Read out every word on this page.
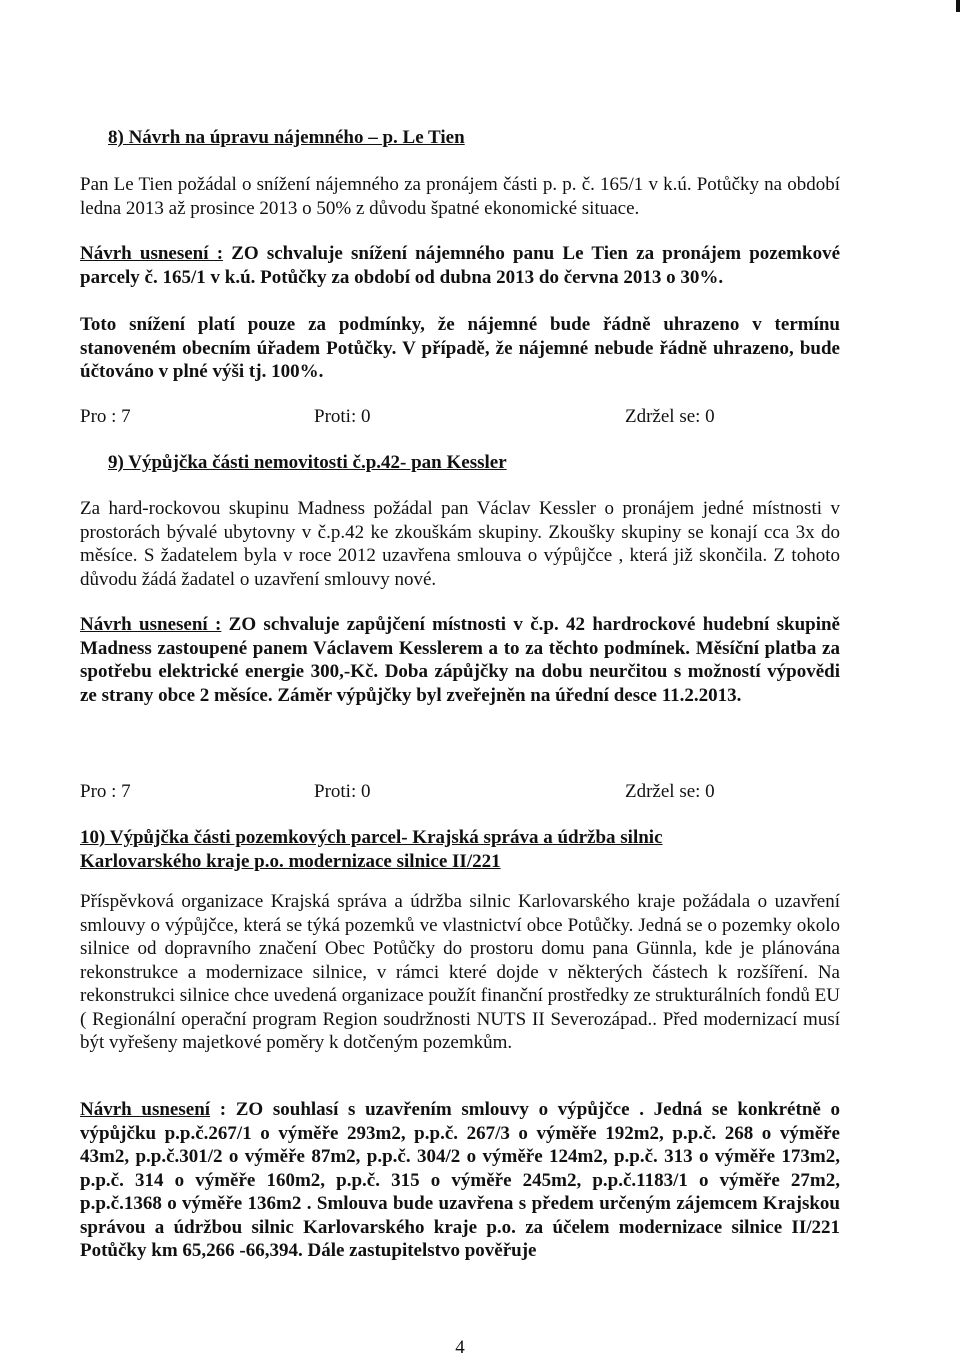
8) Návrh na úpravu nájemného – p. Le Tien
Pan Le Tien požádal o snížení nájemného za pronájem části p. p. č. 165/1 v k.ú. Potůčky na období ledna 2013 až prosince 2013 o 50% z důvodu špatné ekonomické situace.
Návrh usnesení : ZO schvaluje snížení nájemného panu Le Tien za pronájem pozemkové parcely č. 165/1 v k.ú. Potůčky za období od dubna 2013 do června 2013 o 30%.
Toto snížení platí pouze za podmínky, že nájemné bude řádně uhrazeno v termínu stanoveném obecním úřadem Potůčky. V případě, že nájemné nebude řádně uhrazeno, bude účtováno v plné výši tj. 100%.
Pro : 7	Proti: 0	Zdržel se: 0
9) Výpůjčka části nemovitosti č.p.42- pan Kessler
Za hard-rockovou skupinu Madness požádal pan Václav Kessler o pronájem jedné místnosti v prostorách bývalé ubytovny v č.p.42 ke zkouškám skupiny. Zkoušky skupiny se konají cca 3x do měsíce. S žadatelem byla v roce 2012 uzavřena smlouva o výpůjčce , která již skončila. Z tohoto důvodu žádá žadatel o uzavření smlouvy nové.
Návrh usnesení : ZO schvaluje zapůjčení místnosti v č.p. 42 hardrockové hudební skupině Madness zastoupené panem Václavem Kesslerem a to za těchto podmínek. Měsíční platba za spotřebu elektrické energie 300,-Kč. Doba zápůjčky na dobu neurčitou s možností výpovědi ze strany obce 2 měsíce. Záměr výpůjčky byl zveřejněn na úřední desce 11.2.2013.
Pro : 7	Proti: 0	Zdržel se: 0
10) Výpůjčka části pozemkových parcel- Krajská správa a údržba silnic
Karlovarského kraje p.o. modernizace silnice II/221
Příspěvková organizace Krajská správa a údržba silnic Karlovarského kraje požádala o uzavření smlouvy o výpůjčce, která se týká pozemků ve vlastnictví obce Potůčky. Jedná se o pozemky okolo silnice od dopravního značení Obec Potůčky do prostoru domu pana Günnla, kde je plánována rekonstrukce a modernizace silnice, v rámci které dojde v některých částech k rozšíření. Na rekonstrukci silnice chce uvedená organizace použít finanční prostředky ze strukturálních fondů EU ( Regionální operační program Region soudržnosti NUTS II Severozápad.. Před modernizací musí být vyřešeny majetkové poměry k dotčeným pozemkům.
Návrh usnesení : ZO souhlasí s uzavřením smlouvy o výpůjčce . Jedná se konkrétně o výpůjčku p.p.č.267/1 o výměře 293m2, p.p.č. 267/3 o výměře 192m2, p.p.č. 268 o výměře 43m2, p.p.č.301/2 o výměře 87m2, p.p.č. 304/2 o výměře 124m2, p.p.č. 313 o výměře 173m2, p.p.č. 314 o výměře 160m2, p.p.č. 315 o výměře 245m2, p.p.č.1183/1 o výměře 27m2, p.p.č.1368 o výměře 136m2 . Smlouva bude uzavřena s předem určeným zájemcem Krajskou správou a údržbou silnic Karlovarského kraje p.o. za účelem modernizace silnice II/221 Potůčky km 65,266 -66,394. Dále zastupitelstvo pověřuje
4
